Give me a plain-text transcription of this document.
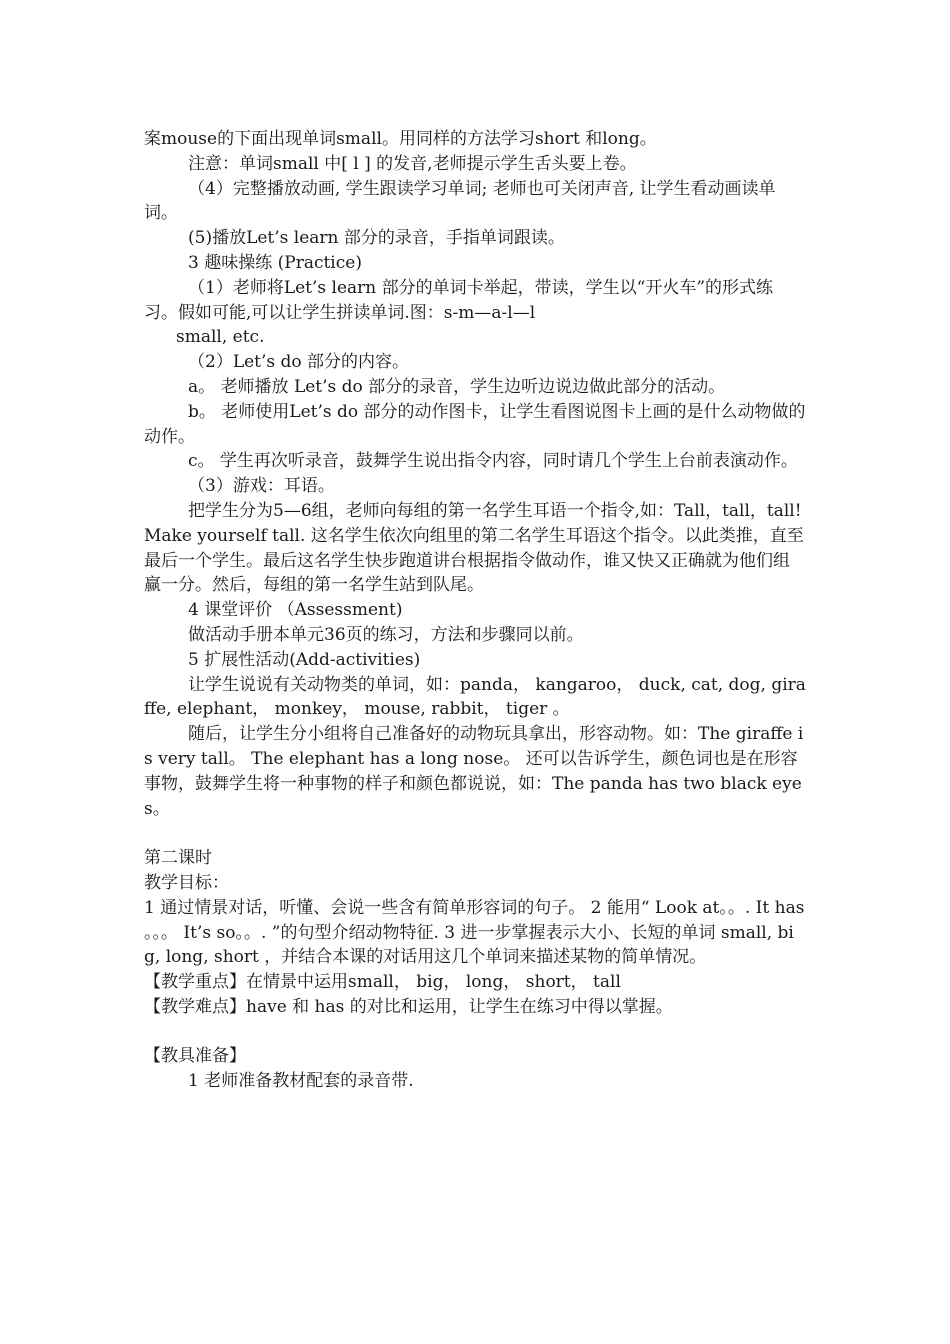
案mouse的下面出现单词small。用同样的方法学习short 和long。

注意：单词small 中[ l ] 的发音,老师提示学生舌头要上卷。

（4）完整播放动画, 学生跟读学习单词; 老师也可关闭声音, 让学生看动画读单词。

(5)播放Let’s learn 部分的录音，手指单词跟读。

3 趣味操练 (Practice)

（1）老师将Let’s learn 部分的单词卡举起，带读，学生以“开火车”的形式练习。假如可能,可以让学生拼读单词.图：s-m—a-l—l

small, etc.

（2）Let’s do 部分的内容。

a。 老师播放 Let’s do 部分的录音，学生边听边说边做此部分的活动。

b。 老师使用Let’s do 部分的动作图卡，让学生看图说图卡上画的是什么动物做的动作。

c。 学生再次听录音，鼓舞学生说出指令内容，同时请几个学生上台前表演动作。

（3）游戏：耳语。

把学生分为5—6组，老师向每组的第一名学生耳语一个指令,如：Tall，tall，tall! Make yourself tall. 这名学生依次向组里的第二名学生耳语这个指令。以此类推，直至最后一个学生。最后这名学生快步跑道讲台根据指令做动作，谁又快又正确就为他们组赢一分。然后，每组的第一名学生站到队尾。

4 课堂评价 （Assessment)

做活动手册本单元36页的练习，方法和步骤同以前。

5 扩展性活动(Add-activities)

让学生说说有关动物类的单词，如：panda， kangaroo， duck, cat, dog, giraffe, elephant， monkey， mouse, rabbit， tiger 。

随后，让学生分小组将自己准备好的动物玩具拿出，形容动物。如：The giraffe is very tall。 The elephant has a long nose。 还可以告诉学生，颜色词也是在形容事物，鼓舞学生将一种事物的样子和颜色都说说，如：The panda has two black eyes。

第二课时

教学目标：

1 通过情景对话，听懂、会说一些含有简单形容词的句子。 2 能用“ Look at。。. It has 。。。 It’s so。。. ”的句型介绍动物特征. 3 进一步掌握表示大小、长短的单词 small, big, long, short ，并结合本课的对话用这几个单词来描述某物的简单情况。

【教学重点】在情景中运用small， big， long， short， tall

【教学难点】have 和 has 的对比和运用，让学生在练习中得以掌握。

【教具准备】

1 老师准备教材配套的录音带.
